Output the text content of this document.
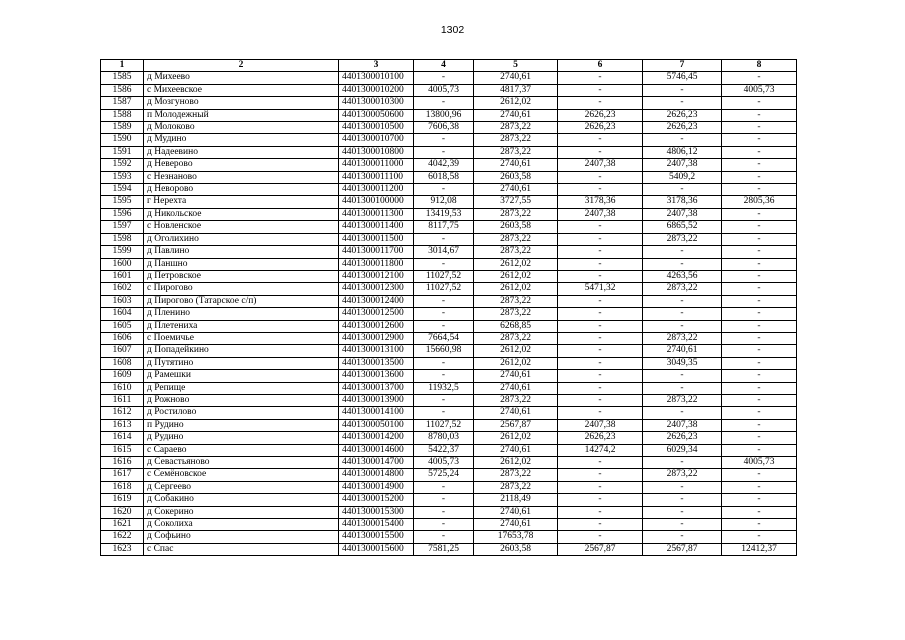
1302
1	2	3	4	5	6	7	8
1585	д Михеево	4401300010100	-	2740,61	-	5746,45	-
1586	с Михеевское	4401300010200	4005,73	4817,37	-	-	4005,73
1587	д Мозгуново	4401300010300	-	2612,02	-	-	-
1588	п Молодежный	4401300050600	13800,96	2740,61	2626,23	2626,23	-
1589	д Молоково	4401300010500	7606,38	2873,22	2626,23	2626,23	-
1590	д Мудино	4401300010700	-	2873,22	-	-	-
1591	д Надеевино	4401300010800	-	2873,22	-	4806,12	-
1592	д Неверово	4401300011000	4042,39	2740,61	2407,38	2407,38	-
1593	с Незнаново	4401300011100	6018,58	2603,58	-	5409,2	-
1594	д Неворово	4401300011200	-	2740,61	-	-	-
1595	г Нерехта	4401300100000	912,08	3727,55	3178,36	3178,36	2805,36
1596	д Никольское	4401300011300	13419,53	2873,22	2407,38	2407,38	-
1597	с Новленское	4401300011400	8117,75	2603,58	-	6865,52	-
1598	д Оголихино	4401300011500	-	2873,22	-	2873,22	-
1599	д Павлино	4401300011700	3014,67	2873,22	-	-	-
1600	д Паншно	4401300011800	-	2612,02	-	-	-
1601	д Петровское	4401300012100	11027,52	2612,02	-	4263,56	-
1602	с Пирогово	4401300012300	11027,52	2612,02	5471,32	2873,22	-
1603	д Пирогово (Татарское с/п)	4401300012400	-	2873,22	-	-	-
1604	д Пленино	4401300012500	-	2873,22	-	-	-
1605	д Плетениха	4401300012600	-	6268,85	-	-	-
1606	с Поемичье	4401300012900	7664,54	2873,22	-	2873,22	-
1607	д Попадейкино	4401300013100	15660,98	2612,02	-	2740,61	-
1608	д Путятино	4401300013500	-	2612,02	-	3049,35	-
1609	д Рамешки	4401300013600	-	2740,61	-	-	-
1610	д Репище	4401300013700	11932,5	2740,61	-	-	-
1611	д Рожново	4401300013900	-	2873,22	-	2873,22	-
1612	д Ростилово	4401300014100	-	2740,61	-	-	-
1613	п Рудино	4401300050100	11027,52	2567,87	2407,38	2407,38	-
1614	д Рудино	4401300014200	8780,03	2612,02	2626,23	2626,23	-
1615	с Сараево	4401300014600	5422,37	2740,61	14274,2	6029,34	-
1616	д Севастьяново	4401300014700	4005,73	2612,02	-	-	4005,73
1617	с Семёновское	4401300014800	5725,24	2873,22	-	2873,22	-
1618	д Сергеево	4401300014900	-	2873,22	-	-	-
1619	д Собакино	4401300015200	-	2118,49	-	-	-
1620	д Сокерино	4401300015300	-	2740,61	-	-	-
1621	д Соколиха	4401300015400	-	2740,61	-	-	-
1622	д Софьино	4401300015500	-	17653,78	-	-	-
1623	с Спас	4401300015600	7581,25	2603,58	2567,87	2567,87	12412,37
